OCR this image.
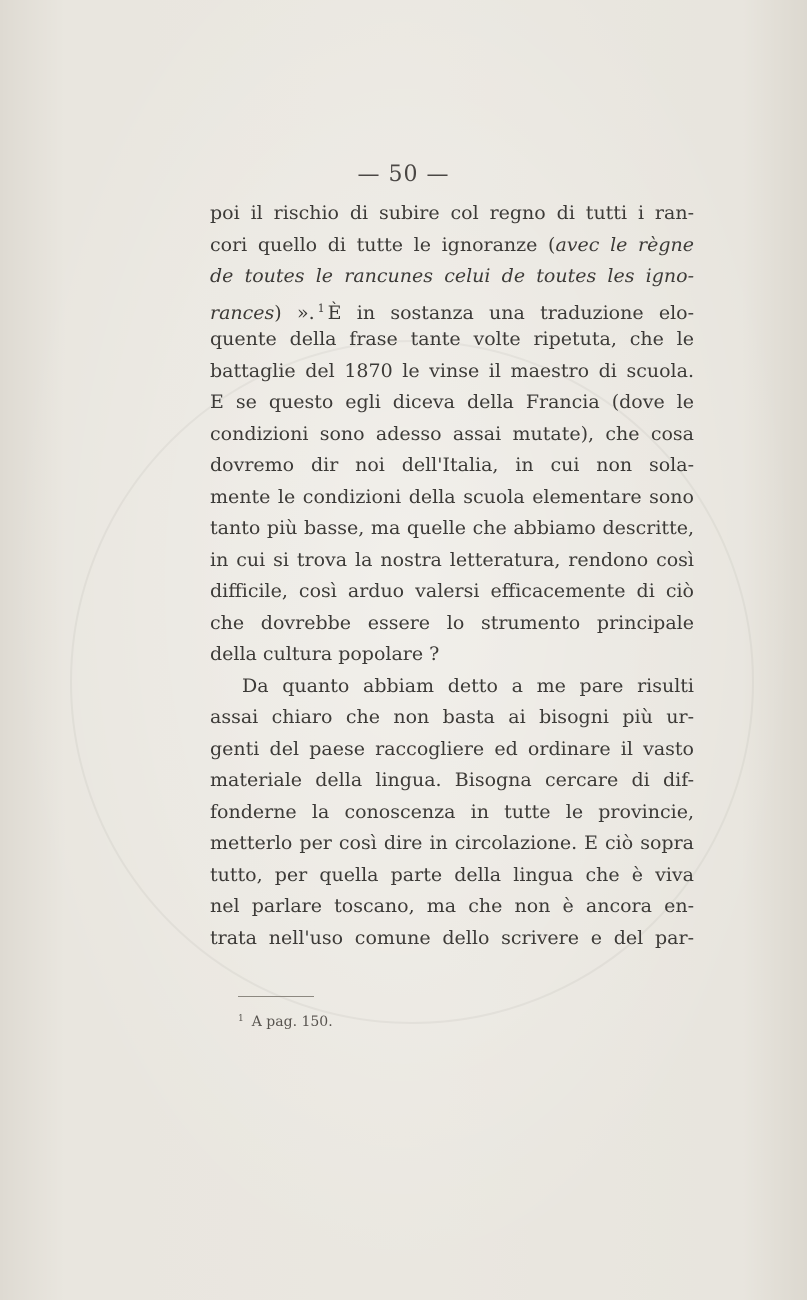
— 50 —
poi il rischio di subire col regno di tutti i ran-
cori quello di tutte le ignoranze (avec le règne
de toutes le rancunes celui de toutes les igno-
rances) ». $^1$ È in sostanza una traduzione elo-
quente della frase tante volte ripetuta, che le
battaglie del 1870 le vinse il maestro di scuola.
E se questo egli diceva della Francia (dove le
condizioni sono adesso assai mutate), che cosa
dovremo dir noi dell'Italia, in cui non sola-
mente le condizioni della scuola elementare sono
tanto più basse, ma quelle che abbiamo descritte,
in cui si trova la nostra letteratura, rendono così
difficile, così arduo valersi efficacemente di ciò
che dovrebbe essere lo strumento principale
della cultura popolare ?
Da quanto abbiam detto a me pare risulti
assai chiaro che non basta ai bisogni più ur-
genti del paese raccogliere ed ordinare il vasto
materiale della lingua. Bisogna cercare di dif-
fonderne la conoscenza in tutte le provincie,
metterlo per così dire in circolazione. E ciò sopra
tutto, per quella parte della lingua che è viva
nel parlare toscano, ma che non è ancora en-
trata nell'uso comune dello scrivere e del par-
$^1$ A pag. 150.
